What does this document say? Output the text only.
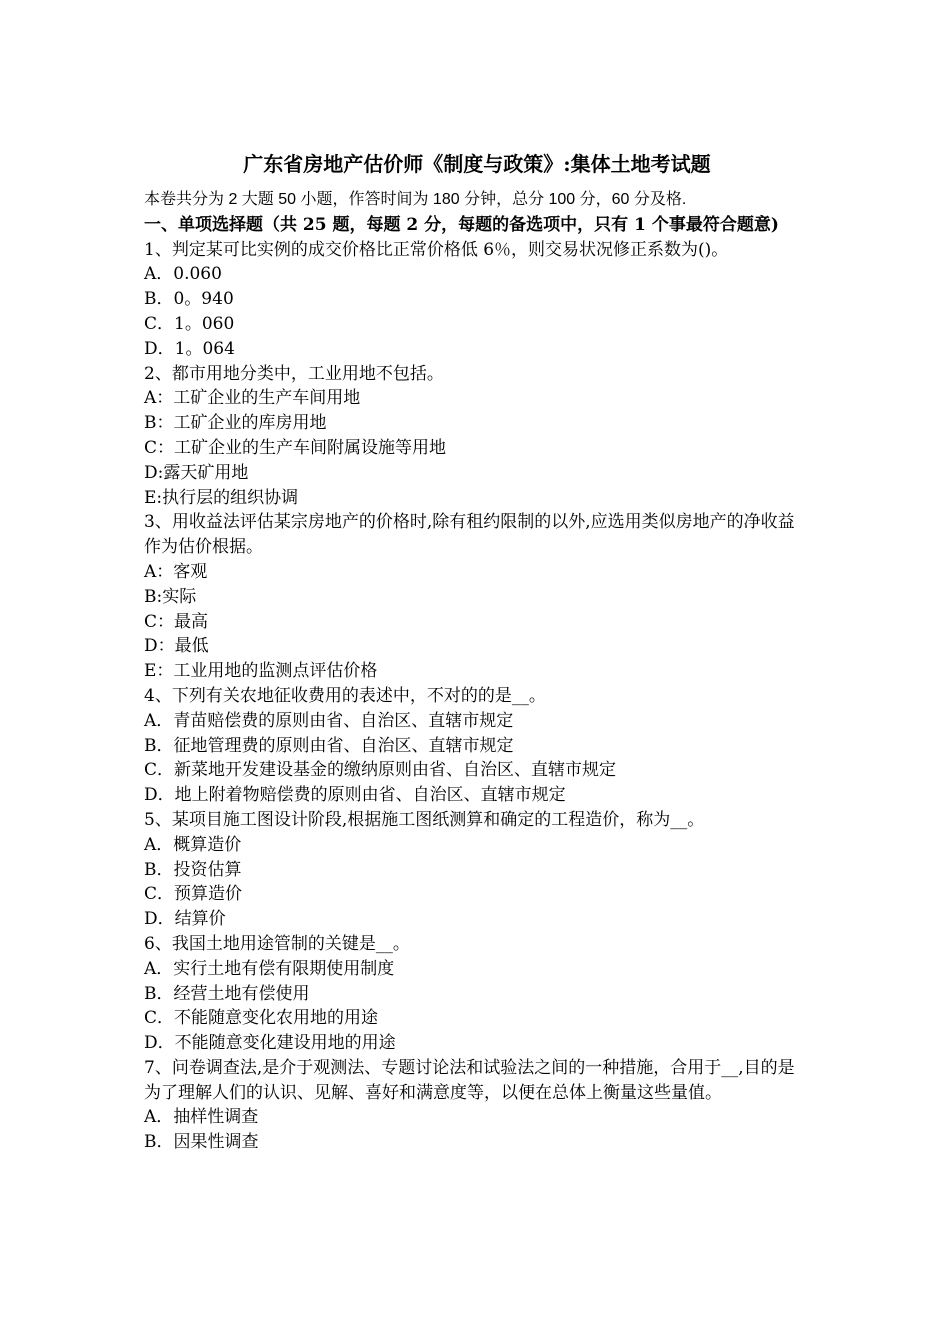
广东省房地产估价师《制度与政策》:集体土地考试题
本卷共分为 2 大题 50 小题，作答时间为 180 分钟，总分 100 分，60 分及格.
一、单项选择题（共 25 题，每题 2 分，每题的备选项中，只有 1 个事最符合题意)
1、判定某可比实例的成交价格比正常价格低 6％，则交易状况修正系数为()。
A．0.060
B．0。940
C．1。060
D．1。064
2、都市用地分类中，工业用地不包括。
A：工矿企业的生产车间用地
B：工矿企业的库房用地
C：工矿企业的生产车间附属设施等用地
D:露天矿用地
E:执行层的组织协调
3、用收益法评估某宗房地产的价格时,除有租约限制的以外,应选用类似房地产的净收益作为估价根据。
A：客观
B:实际
C：最高
D：最低
E：工业用地的监测点评估价格
4、下列有关农地征收费用的表述中，不对的的是__。
A．青苗赔偿费的原则由省、自治区、直辖市规定
B．征地管理费的原则由省、自治区、直辖市规定
C．新菜地开发建设基金的缴纳原则由省、自治区、直辖市规定
D．地上附着物赔偿费的原则由省、自治区、直辖市规定
5、某项目施工图设计阶段,根据施工图纸测算和确定的工程造价，称为__。
A．概算造价
B．投资估算
C．预算造价
D．结算价
6、我国土地用途管制的关键是__。
A．实行土地有偿有限期使用制度
B．经营土地有偿使用
C．不能随意变化农用地的用途
D．不能随意变化建设用地的用途
7、问卷调查法,是介于观测法、专题讨论法和试验法之间的一种措施，合用于__,目的是为了理解人们的认识、见解、喜好和满意度等，以便在总体上衡量这些量值。
A．抽样性调查
B．因果性调查
